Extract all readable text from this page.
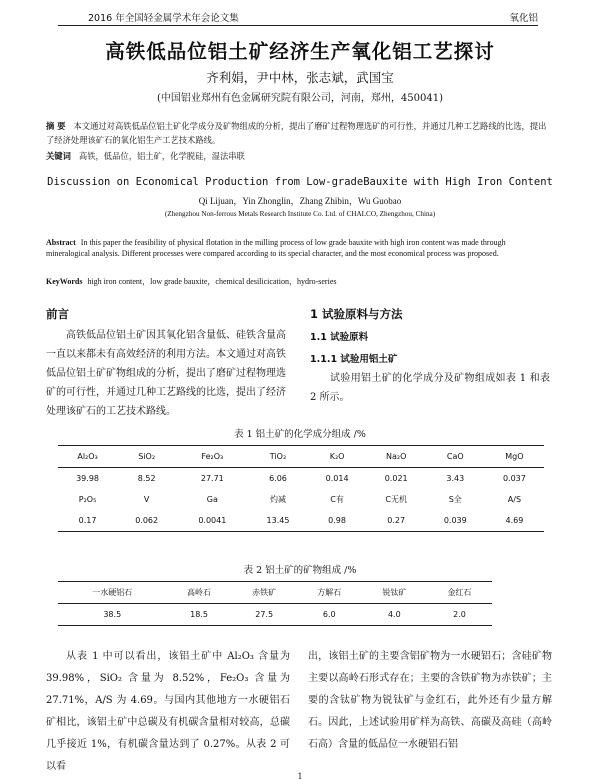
2016 年全国轻金属学术年会论文集	氧化铝
高铁低品位铝土矿经济生产氧化铝工艺探讨
齐利娟，尹中林，张志斌，武国宝
(中国铝业郑州有色金属研究院有限公司，河南，郑州，450041)
摘 要 本文通过对高铁低品位铝土矿化学成分及矿物组成的分析，提出了磨矿过程物理选矿的可行性，并通过几种工艺路线的比选，提出了经济处理该矿石的氧化铝生产工艺技术路线。
关键词 高铁，低品位，铝土矿，化学脱硅，湿法串联
Discussion on Economical Production from Low-gradeBauxite with High Iron Content
Qi Lijuan，Yin Zhonglin，Zhang Zhibin，Wu Guobao
(Zhengzhou Non-ferrous Metals Research Institute Co. Ltd. of CHALCO, Zhengzhou, China)
Abstract In this paper the feasibility of physical flotation in the milling process of low grade bauxite with high iron content was made through mineralogical analysis. Different processes were compared according to its special character, and the most economical process was proposed.
KeyWords high iron content，low grade bauxite，chemical desilicication，hydro-series
前言

高铁低品位铝土矿因其氧化铝含量低、硅铁含量高一直以来都未有高效经济的利用方法。本文通过对高铁低品位铝土矿矿物组成的分析，提出了磨矿过程物理选矿的可行性，并通过几种工艺路线的比选，提出了经济处理该矿石的工艺技术路线。

1 试验原料与方法
1.1 试验原料
1.1.1 试验用铝土矿

试验用铝土矿的化学成分及矿物组成如表 1 和表 2 所示。

表 1 铝土矿的化学成分组成 /%
Al₂O₃	SiO₂	Fe₂O₃	TiO₂	K₂O	Na₂O	CaO	MgO
39.98	8.52	27.71	6.06	0.014	0.021	3.43	0.037
P₂O₅	V	Ga	灼减	C有	C无机	S全	A/S
0.17	0.062	0.0041	13.45	0.98	0.27	0.039	4.69
表 2 铝土矿的矿物组成 /%
一水硬铝石	高岭石	赤铁矿	方解石	锐钛矿	金红石
38.5	18.5	27.5	6.0	4.0	2.0

从表 1 中可以看出，该铝土矿中 Al₂O₃ 含量为 39.98%，SiO₂ 含量为 8.52%，Fe₂O₃ 含量为 27.71%，A/S 为 4.69。与国内其他地方一水硬铝石矿相比，该铝土矿中总碳及有机碳含量相对较高，总碳几乎接近 1%，有机碳含量达到了 0.27%。从表 2 可以看

出，该铝土矿的主要含铝矿物为一水硬铝石；含硅矿物主要以高岭石形式存在；主要的含铁矿物为赤铁矿；主要的含钛矿物为锐钛矿与金红石，此外还有少量方解石。因此，上述试验用矿样为高铁、高碳及高硅（高岭石高）含量的低品位一水硬铝石铝

1
